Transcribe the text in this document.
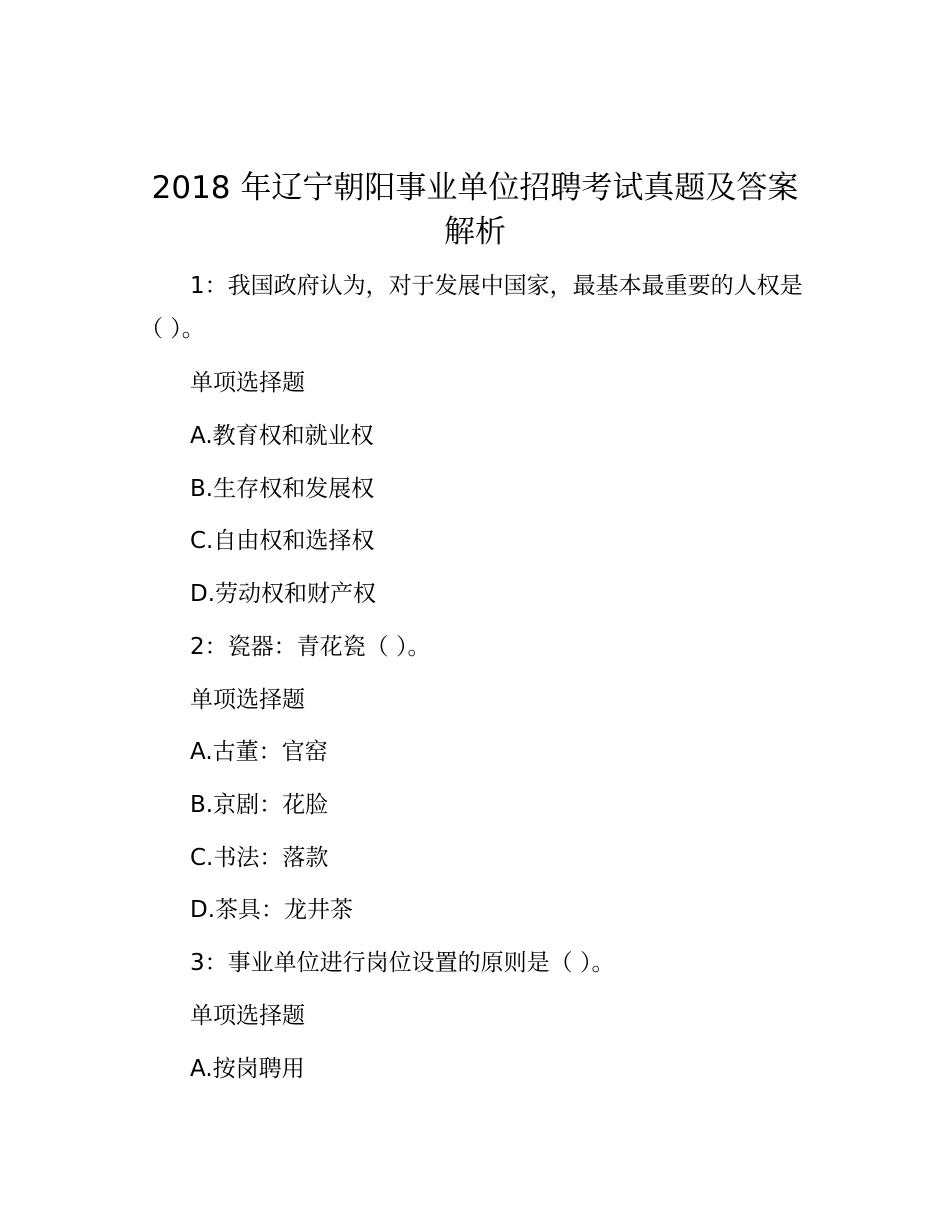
2018 年辽宁朝阳事业单位招聘考试真题及答案解析

1：我国政府认为，对于发展中国家，最基本最重要的人权是（ ）。

单项选择题

A.教育权和就业权

B.生存权和发展权

C.自由权和选择权

D.劳动权和财产权

2：瓷器：青花瓷（ ）。

单项选择题

A.古董：官窑

B.京剧：花脸

C.书法：落款

D.茶具：龙井茶

3：事业单位进行岗位设置的原则是（ ）。

单项选择题

A.按岗聘用
